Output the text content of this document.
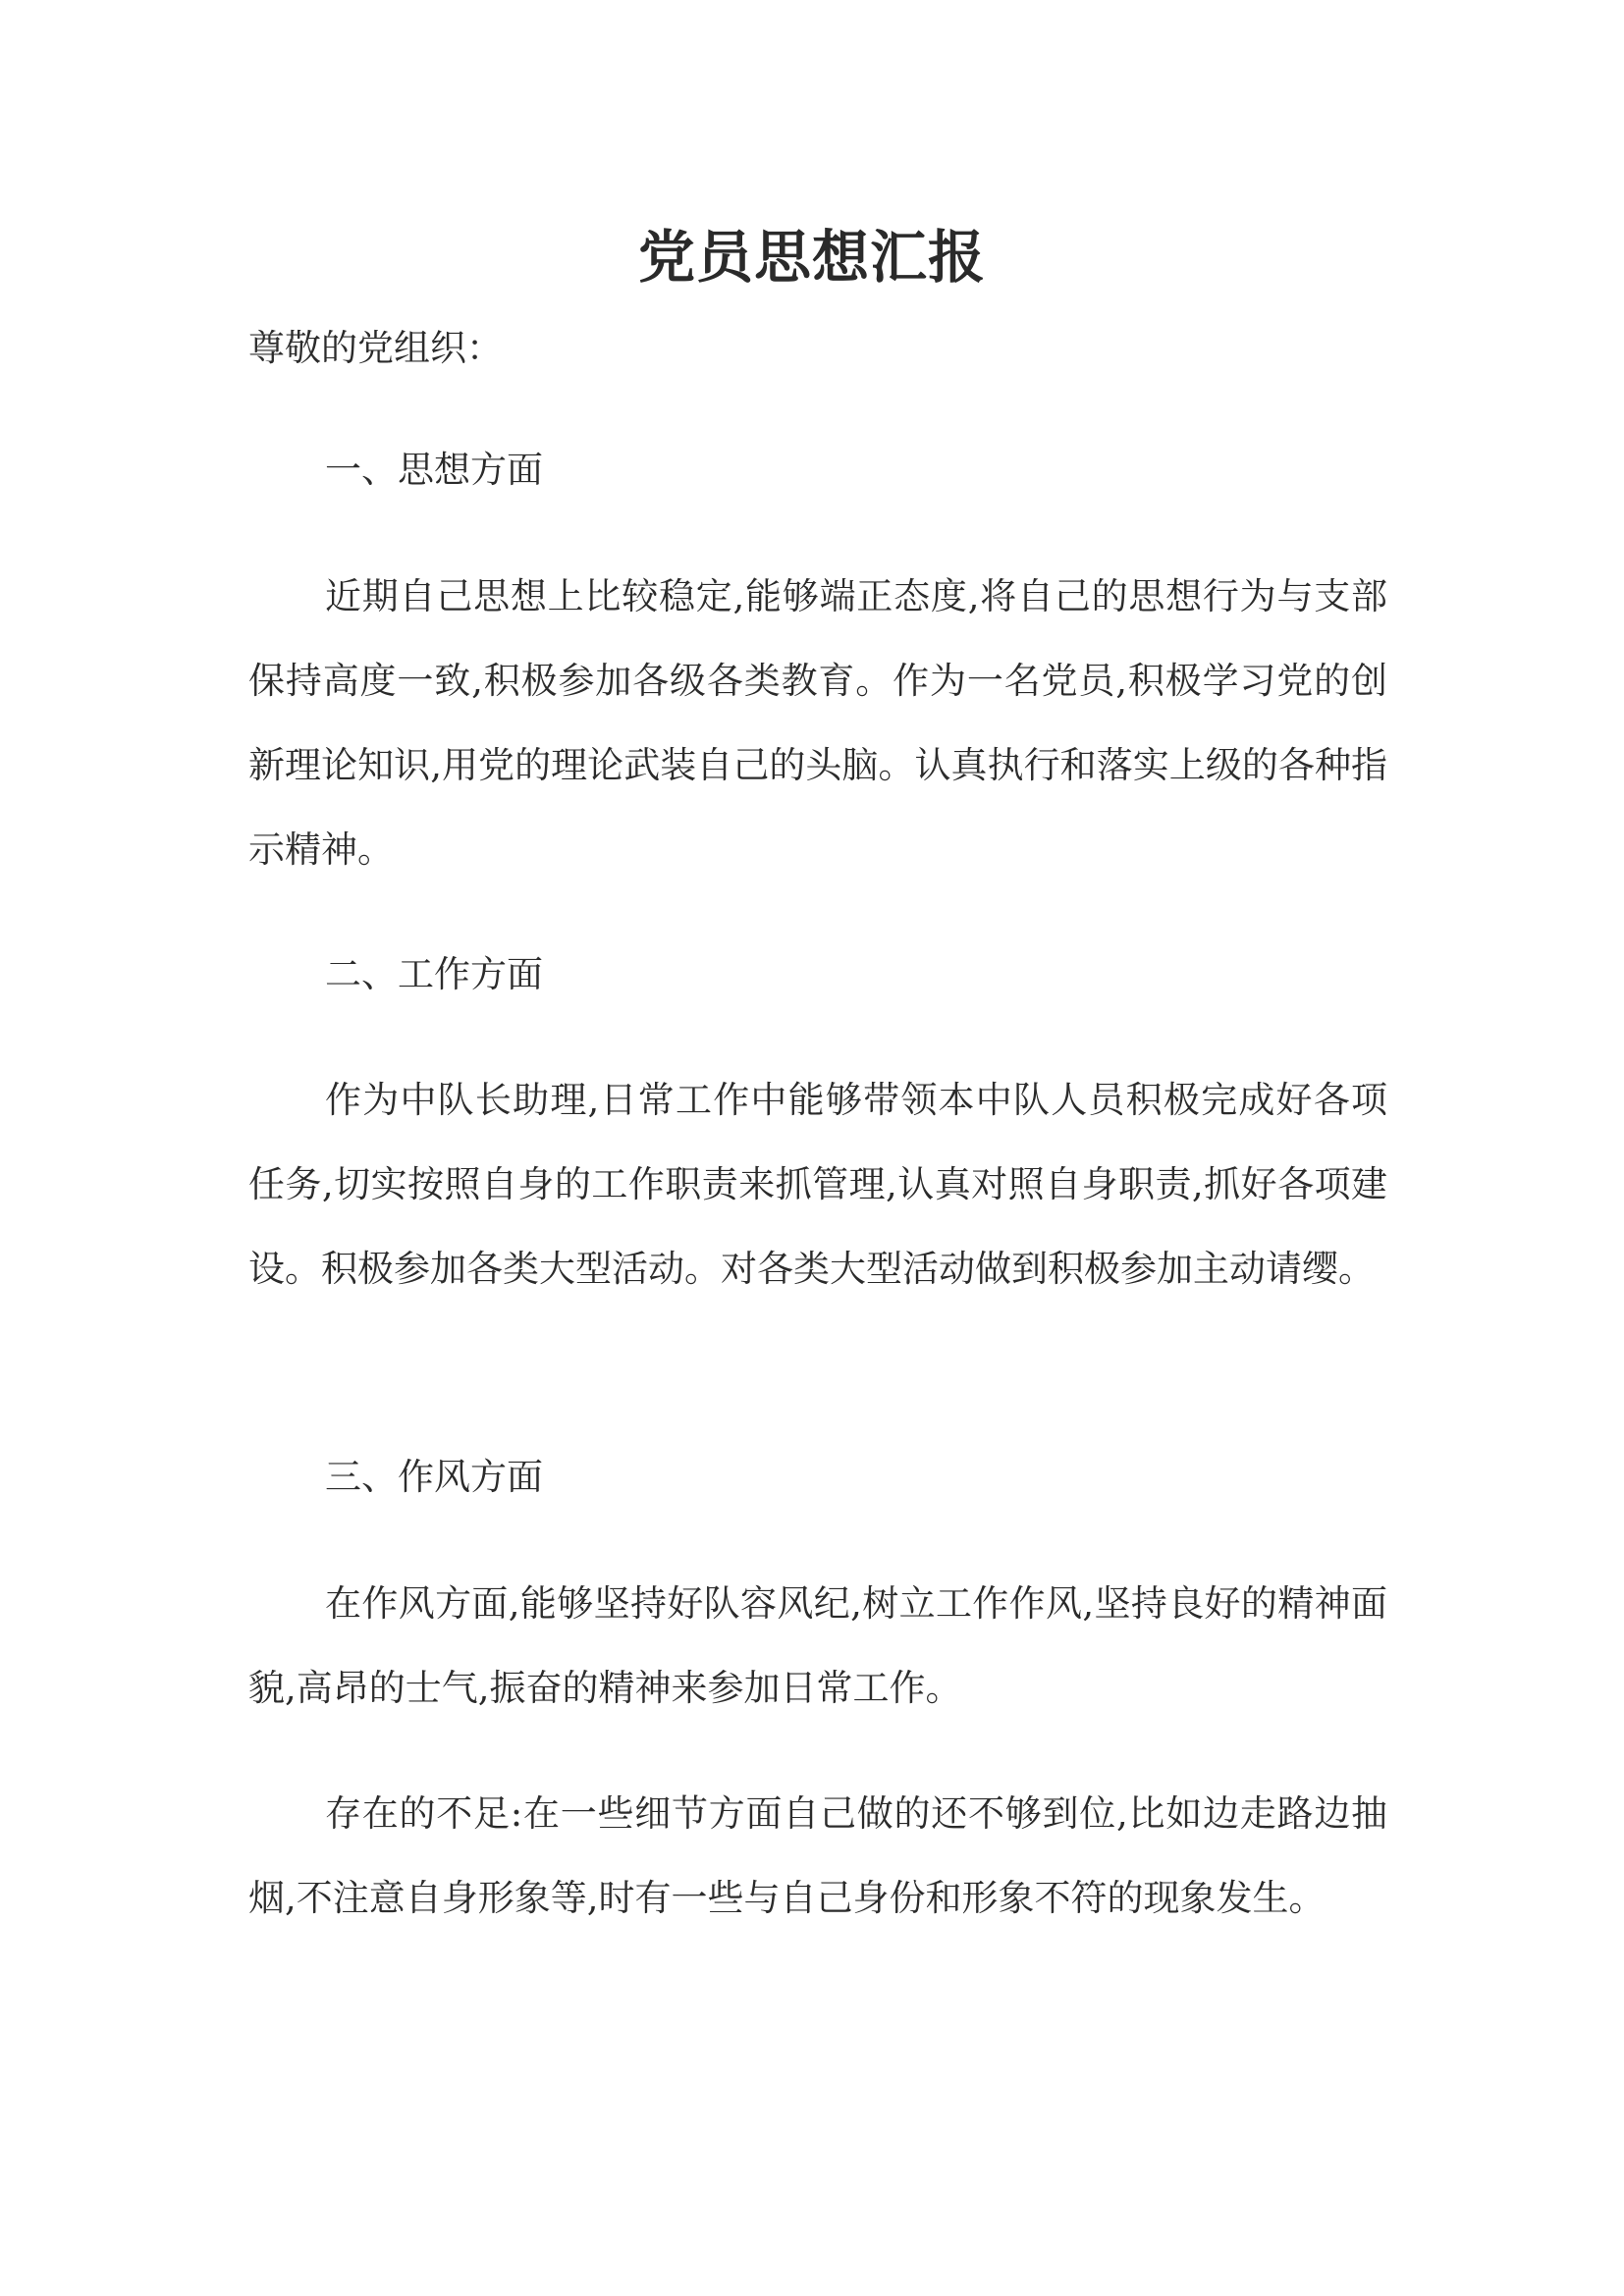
党员思想汇报

尊敬的党组织：

一、思想方面

近期自己思想上比较稳定,能够端正态度,将自己的思想行为与支部保持高度一致,积极参加各级各类教育。作为一名党员,积极学习党的创新理论知识,用党的理论武装自己的头脑。认真执行和落实上级的各种指示精神。

二、工作方面

作为中队长助理,日常工作中能够带领本中队人员积极完成好各项任务,切实按照自身的工作职责来抓管理,认真对照自身职责,抓好各项建设。积极参加各类大型活动。对各类大型活动做到积极参加主动请缨。

三、作风方面

在作风方面,能够坚持好队容风纪,树立工作作风,坚持良好的精神面貌,高昂的士气,振奋的精神来参加日常工作。

存在的不足:在一些细节方面自己做的还不够到位,比如边走路边抽烟,不注意自身形象等,时有一些与自己身份和形象不符的现象发生。
